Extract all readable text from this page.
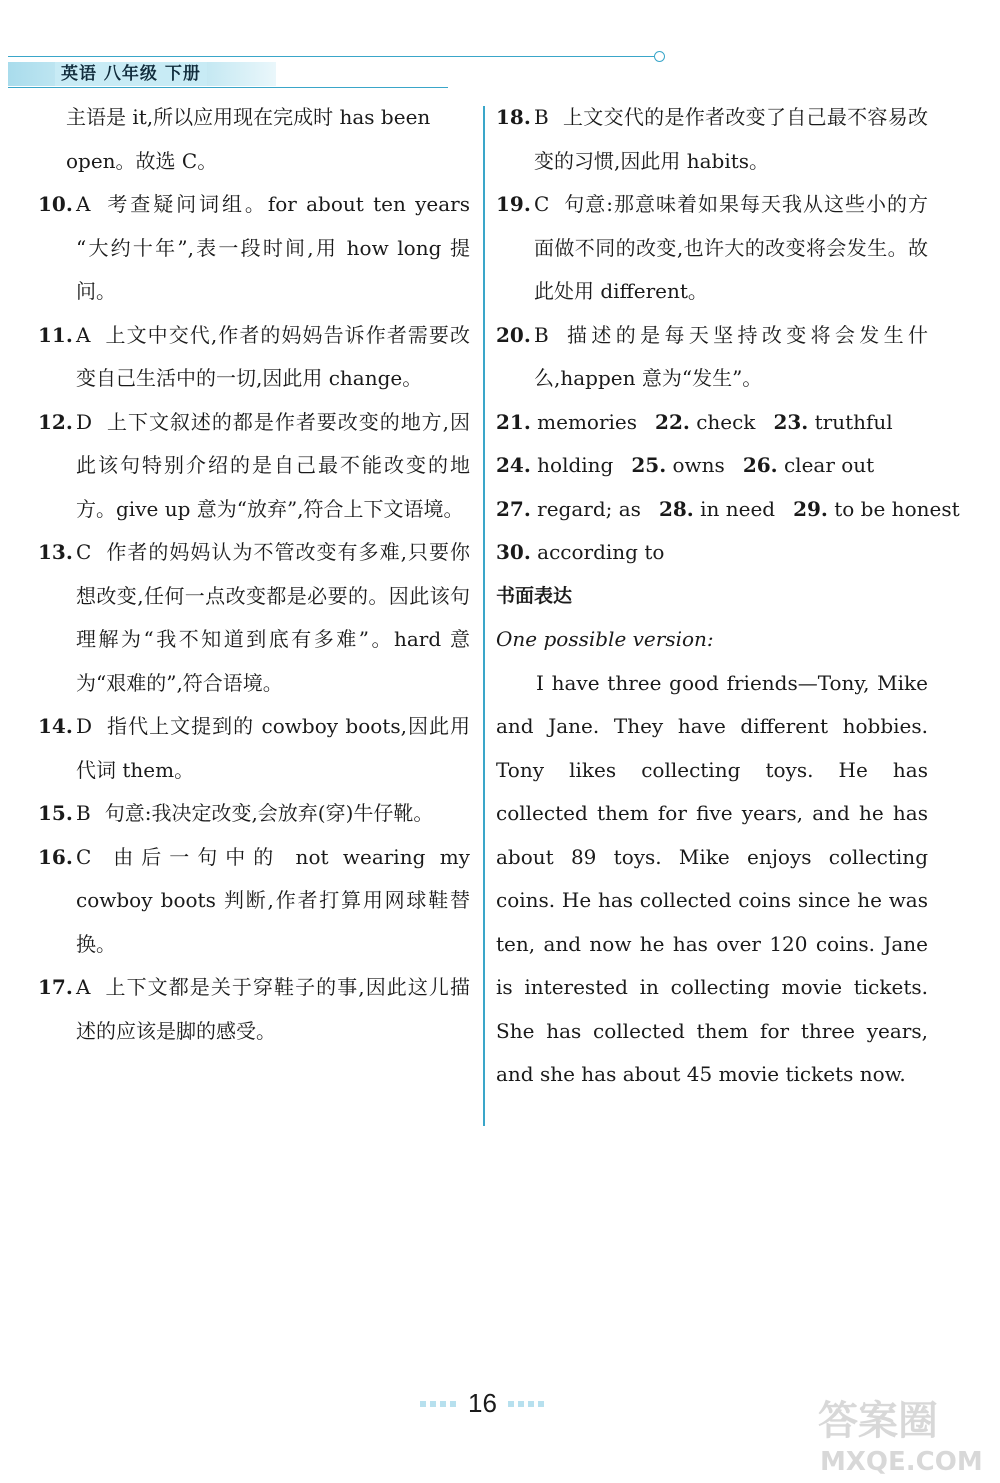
英语 八年级 下册
主语是 it,所以应用现在完成时 has been
open。故选 C。
10. A 考查疑问词组。for about ten years “大约十年”,表一段时间,用 how long 提问。
11. A 上文中交代,作者的妈妈告诉作者需要改变自己生活中的一切,因此用 change。
12. D 上下文叙述的都是作者要改变的地方,因此该句特别介绍的是自己最不能改变的地方。give up 意为“放弃”,符合上下文语境。
13. C 作者的妈妈认为不管改变有多难,只要你想改变,任何一点改变都是必要的。因此该句理解为“我不知道到底有多难”。hard 意为“艰难的”,符合语境。
14. D 指代上文提到的 cowboy boots,因此用代词 them。
15. B 句意:我决定改变,会放弃(穿)牛仔靴。
16. C 由后一句中的 not wearing my cowboy boots 判断,作者打算用网球鞋替换。
17. A 上下文都是关于穿鞋子的事,因此这儿描述的应该是脚的感受。
18. B 上文交代的是作者改变了自己最不容易改变的习惯,因此用 habits。
19. C 句意:那意味着如果每天我从这些小的方面做不同的改变,也许大的改变将会发生。故此处用 different。
20. B 描述的是每天坚持改变将会发生什么,happen 意为“发生”。
21. memories 22. check 23. truthful
24. holding 25. owns 26. clear out
27. regard; as 28. in need 29. to be honest
30. according to
书面表达
One possible version:
I have three good friends—Tony, Mike and Jane. They have different hobbies. Tony likes collecting toys. He has collected them for five years, and he has about 89 toys. Mike enjoys collecting coins. He has collected coins since he was ten, and now he has over 120 coins. Jane is interested in collecting movie tickets. She has collected them for three years, and she has about 45 movie tickets now.
16	答案圈
MXQE.COM
